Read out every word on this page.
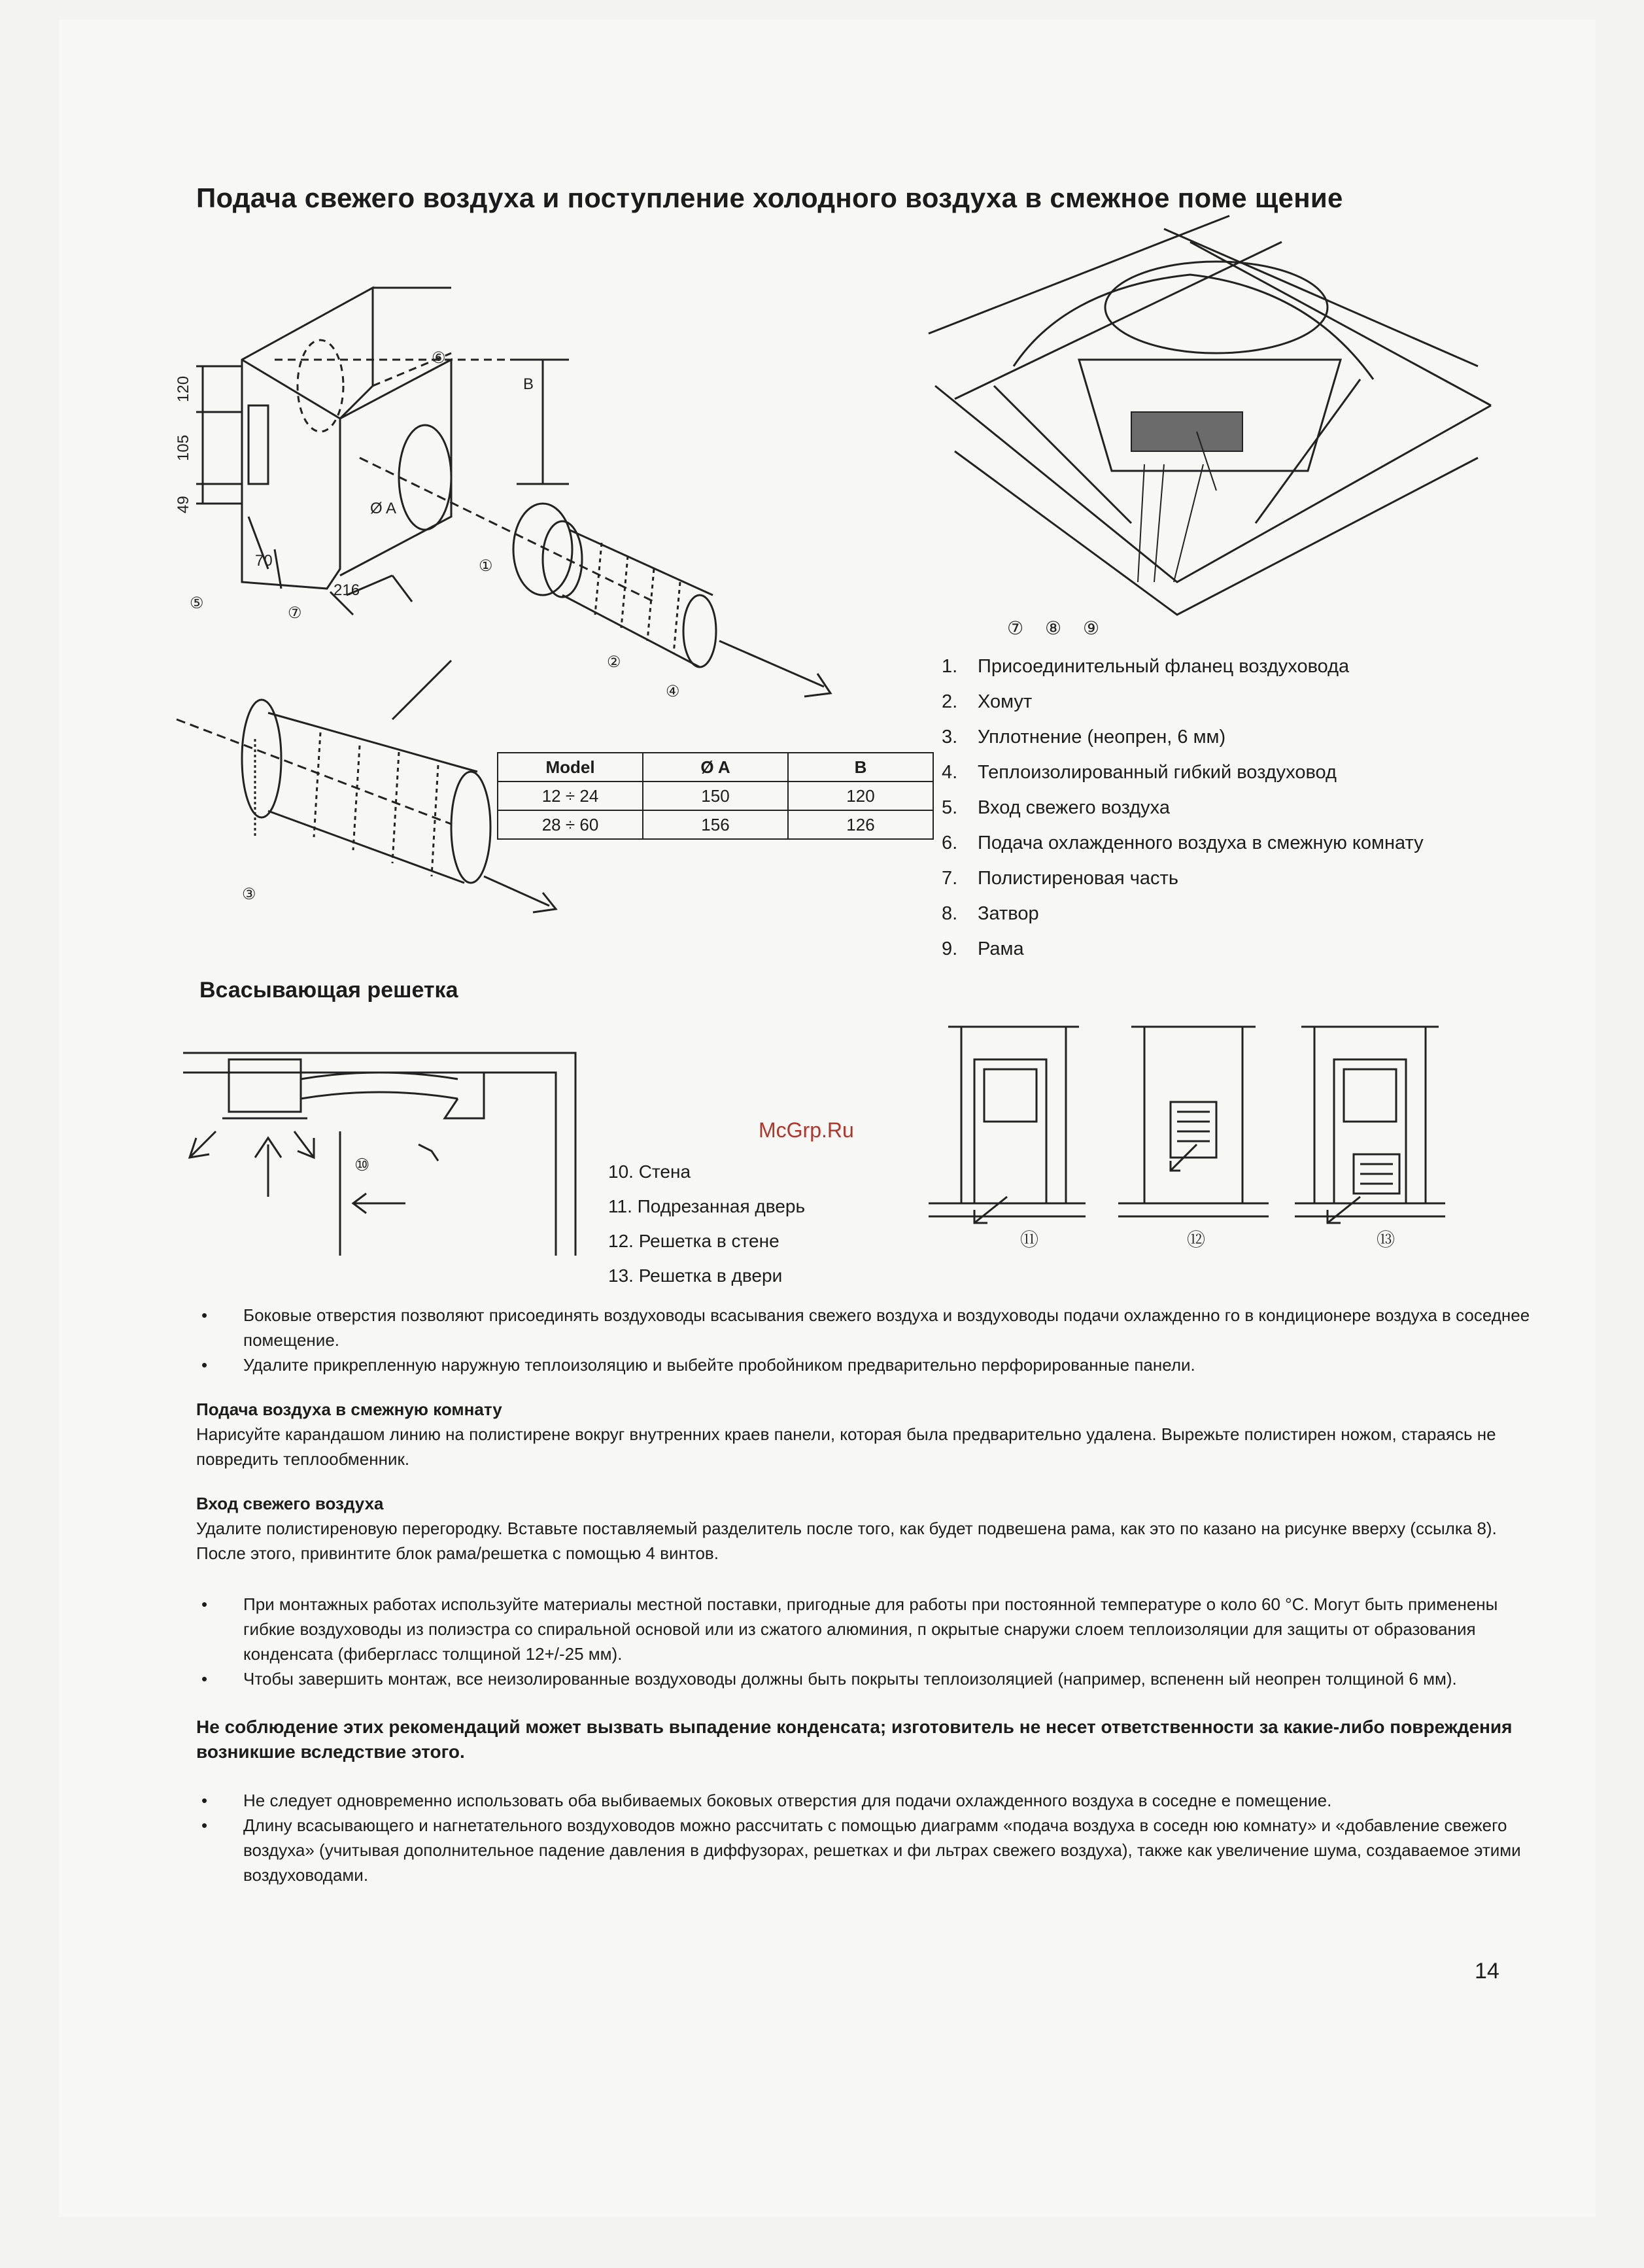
Подача свежего воздуха и поступление холодного воздуха в смежное поме щение
120
105
49
70
216
B
Ø A
①
②
③
④
⑤
⑥
⑦
Model	Ø A	B
12 ÷ 24	150	120
28 ÷ 60	156	126
⑦ ⑧ ⑨
1.	Присоединительный фланец воздуховода
2.	Хомут
3.	Уплотнение (неопрен, 6 мм)
4.	Теплоизолированный гибкий воздуховод
5.	Вход свежего воздуха
6.	Подача охлажденного воздуха в смежную комнату
7.	Полистиреновая часть
8.	Затвор
9.	Рама
Всасывающая решетка
⑩	10. Стена
11. Подрезанная дверь
12. Решетка в стене
13. Решетка в двери
McGrp.Ru
⑪	⑫	⑬
• Боковые отверстия позволяют присоединять воздуховоды всасывания свежего воздуха и воздуховоды подачи охлажденно го в кондиционере воздуха в соседнее помещение.
• Удалите прикрепленную наружную теплоизоляцию и выбейте пробойником предварительно перфорированные панели.

Подача воздуха в смежную комнату

Нарисуйте карандашом линию на полистирене вокруг внутренних краев панели, которая была предварительно удалена. Вырежьте полистирен ножом, стараясь не повредить теплообменник.

Вход свежего воздуха

Удалите полистиреновую перегородку. Вставьте поставляемый разделитель после того, как будет подвешена рама, как это по казано на рисунке вверху (ссылка 8). После этого, привинтите блок рама/решетка с помощью 4 винтов.

• При монтажных работах используйте материалы местной поставки, пригодные для работы при постоянной температуре о коло 60 °С. Могут быть применены гибкие воздуховоды из полиэстра со спиральной основой или из сжатого алюминия, п окрытые снаружи слоем теплоизоляции для защиты от образования конденсата (фибергласс толщиной 12+/-25 мм).
• Чтобы завершить монтаж, все неизолированные воздуховоды должны быть покрыты теплоизоляцией (например, вспененн ый неопрен толщиной 6 мм).

Не соблюдение этих рекомендаций может вызвать выпадение конденсата; изготовитель не несет ответственности за какие-либо повреждения возникшие вследствие этого.

• Не следует одновременно использовать оба выбиваемых боковых отверстия для подачи охлажденного воздуха в соседне е помещение.
• Длину всасывающего и нагнетательного воздуховодов можно рассчитать с помощью диаграмм «подача воздуха в соседн юю комнату» и «добавление свежего воздуха» (учитывая дополнительное падение давления в диффузорах, решетках и фи льтрах свежего воздуха), также как увеличение шума, создаваемое этими воздуховодами.
14
